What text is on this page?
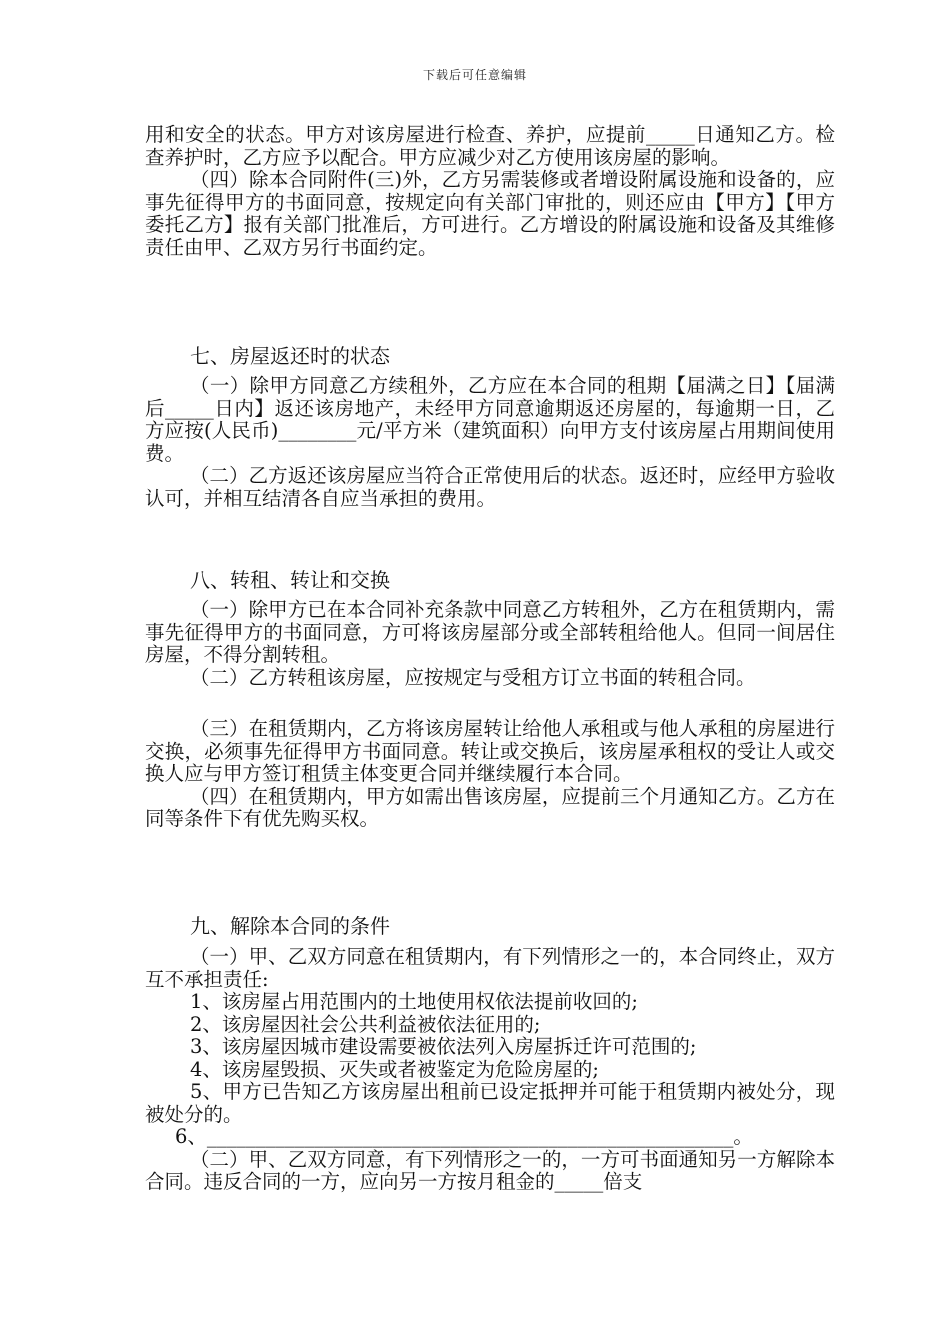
下载后可任意编辑

用和安全的状态。甲方对该房屋进行检查、养护，应提前_____日通知乙方。检查养护时，乙方应予以配合。甲方应减少对乙方使用该房屋的影响。

（四）除本合同附件(三)外，乙方另需装修或者增设附属设施和设备的，应事先征得甲方的书面同意，按规定向有关部门审批的，则还应由【甲方】【甲方委托乙方】报有关部门批准后，方可进行。乙方增设的附属设施和设备及其维修责任由甲、乙双方另行书面约定。

七、房屋返还时的状态

（一）除甲方同意乙方续租外，乙方应在本合同的租期【届满之日】【届满后_____日内】返还该房地产，未经甲方同意逾期返还房屋的，每逾期一日，乙方应按(人民币)________元/平方米（建筑面积）向甲方支付该房屋占用期间使用费。

（二）乙方返还该房屋应当符合正常使用后的状态。返还时，应经甲方验收认可，并相互结清各自应当承担的费用。

八、转租、转让和交换

（一）除甲方已在本合同补充条款中同意乙方转租外，乙方在租赁期内，需事先征得甲方的书面同意，方可将该房屋部分或全部转租给他人。但同一间居住房屋，不得分割转租。

（二）乙方转租该房屋，应按规定与受租方订立书面的转租合同。

（三）在租赁期内，乙方将该房屋转让给他人承租或与他人承租的房屋进行交换，必须事先征得甲方书面同意。转让或交换后，该房屋承租权的受让人或交换人应与甲方签订租赁主体变更合同并继续履行本合同。

（四）在租赁期内，甲方如需出售该房屋，应提前三个月通知乙方。乙方在同等条件下有优先购买权。

九、解除本合同的条件

（一）甲、乙双方同意在租赁期内，有下列情形之一的，本合同终止，双方互不承担责任:

1、该房屋占用范围内的土地使用权依法提前收回的;

2、该房屋因社会公共利益被依法征用的;

3、该房屋因城市建设需要被依法列入房屋拆迁许可范围的;

4、该房屋毁损、灭失或者被鉴定为危险房屋的;

5、甲方已告知乙方该房屋出租前已设定抵押并可能于租赁期内被处分，现被处分的。

6、______________________________________________________。

（二）甲、乙双方同意，有下列情形之一的，一方可书面通知另一方解除本合同。违反合同的一方，应向另一方按月租金的_____倍支
